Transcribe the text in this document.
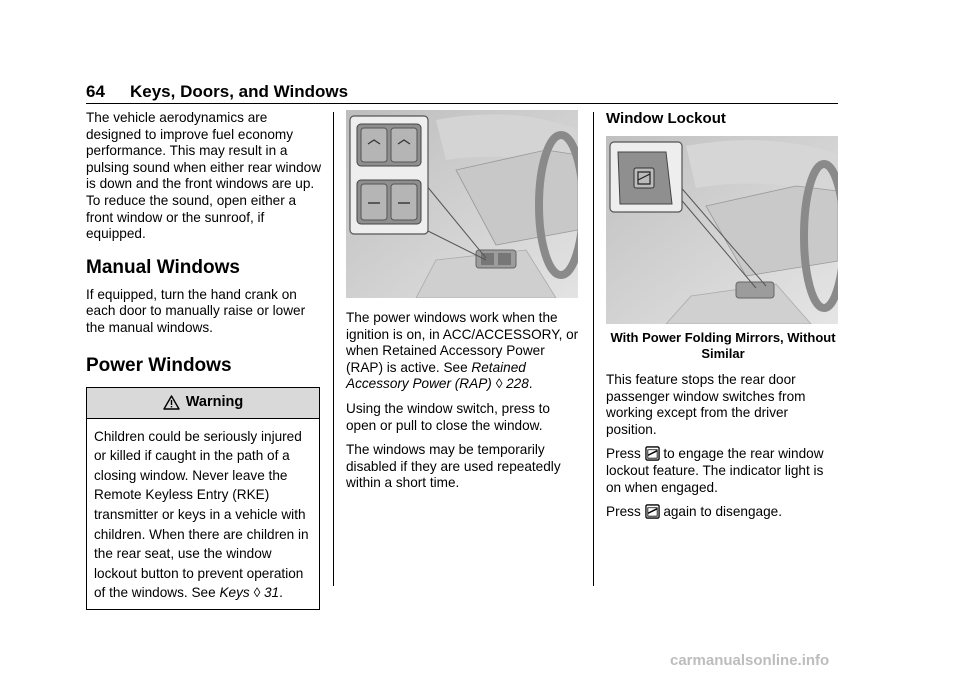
64 Keys, Doors, and Windows

The vehicle aerodynamics are designed to improve fuel economy performance. This may result in a pulsing sound when either rear window is down and the front windows are up. To reduce the sound, open either a front window or the sunroof, if equipped.

Manual Windows

If equipped, turn the hand crank on each door to manually raise or lower the manual windows.

Power Windows
Warning
Children could be seriously injured or killed if caught in the path of a closing window. Never leave the Remote Keyless Entry (RKE) transmitter or keys in a vehicle with children. When there are children in the rear seat, use the window lockout button to prevent operation of the windows. See Keys ◊ 31.

The power windows work when the ignition is on, in ACC/ACCESSORY, or when Retained Accessory Power (RAP) is active. See Retained Accessory Power (RAP) ◊ 228.

Using the window switch, press to open or pull to close the window.

The windows may be temporarily disabled if they are used repeatedly within a short time.

Window Lockout
With Power Folding Mirrors, Without Similar

This feature stops the rear door passenger window switches from working except from the driver position.

Press to engage the rear window lockout feature. The indicator light is on when engaged.

Press again to disengage.

carmanualsonline.info
